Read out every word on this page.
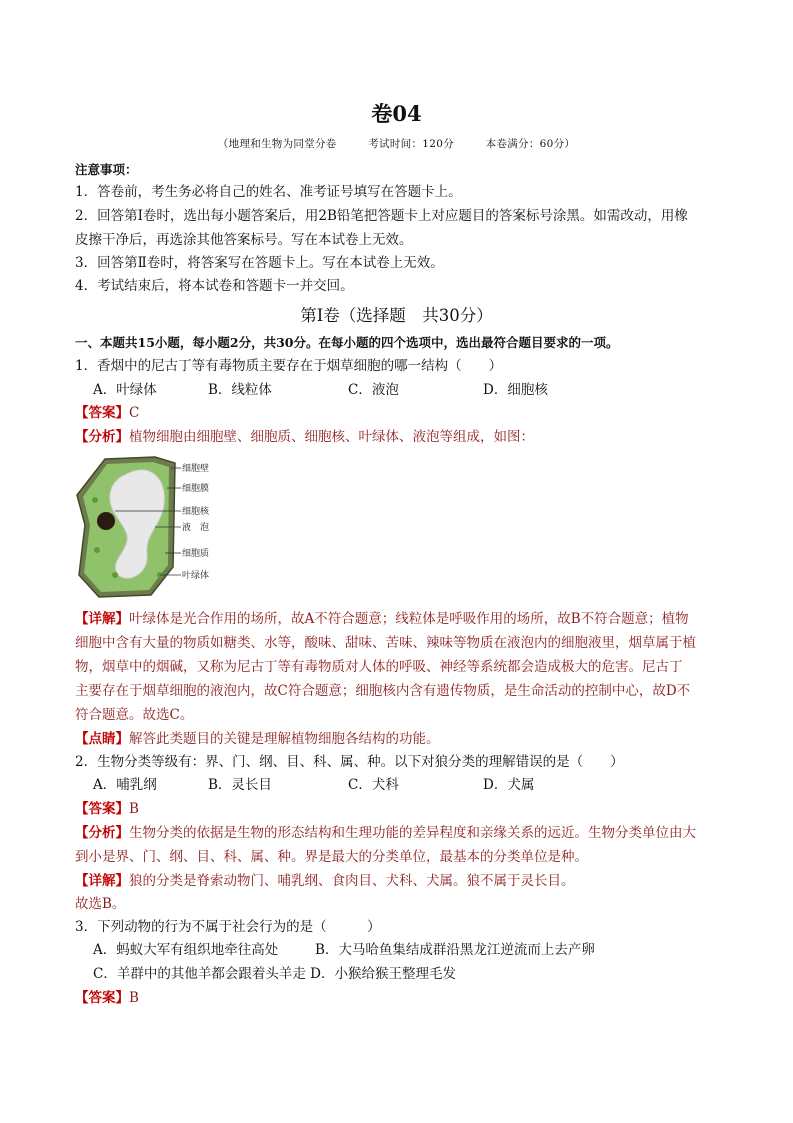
卷04
（地理和生物为同堂分卷	考试时间：120分	本卷满分：60分）
注意事项：
1．答卷前，考生务必将自己的姓名、准考证号填写在答题卡上。
2．回答第Ⅰ卷时，选出每小题答案后，用2B铅笔把答题卡上对应题目的答案标号涂黑。如需改动，用橡
皮擦干净后，再选涂其他答案标号。写在本试卷上无效。
3．回答第Ⅱ卷时，将答案写在答题卡上。写在本试卷上无效。
4．考试结束后，将本试卷和答题卡一并交回。
第Ⅰ卷（选择题　共30分）
一、本题共15小题，每小题2分，共30分。在每小题的四个选项中，选出最符合题目要求的一项。
1．香烟中的尼古丁等有毒物质主要存在于烟草细胞的哪一结构（　　）
A．叶绿体	B．线粒体	C．液泡	D．细胞核
【答案】C
【分析】植物细胞由细胞壁、细胞质、细胞核、叶绿体、液泡等组成，如图：
细胞壁
细胞膜
细胞核
液　泡
细胞质
叶绿体
【详解】叶绿体是光合作用的场所，故A不符合题意；线粒体是呼吸作用的场所，故B不符合题意；植物
细胞中含有大量的物质如糖类、水等，酸味、甜味、苦味、辣味等物质在液泡内的细胞液里，烟草属于植
物，烟草中的烟碱，又称为尼古丁等有毒物质对人体的呼吸、神经等系统都会造成极大的危害。尼古丁
主要存在于烟草细胞的液泡内，故C符合题意；细胞核内含有遗传物质，是生命活动的控制中心，故D不
符合题意。故选C。
【点睛】解答此类题目的关键是理解植物细胞各结构的功能。
2．生物分类等级有：界、门、纲、目、科、属、种。以下对狼分类的理解错误的是（　　）
A．哺乳纲	B．灵长目	C．犬科	D．犬属
【答案】B
【分析】生物分类的依据是生物的形态结构和生理功能的差异程度和亲缘关系的远近。生物分类单位由大
到小是界、门、纲、目、科、属、种。界是最大的分类单位，最基本的分类单位是种。
【详解】狼的分类是脊索动物门、哺乳纲、食肉目、犬科、犬属。狼不属于灵长目。
故选B。
3．下列动物的行为不属于社会行为的是（　　　）
A．蚂蚁大军有组织地牵往高处	B．大马哈鱼集结成群沿黑龙江逆流而上去产卵
C．羊群中的其他羊都会跟着头羊走 D．小猴给猴王整理毛发
【答案】B
